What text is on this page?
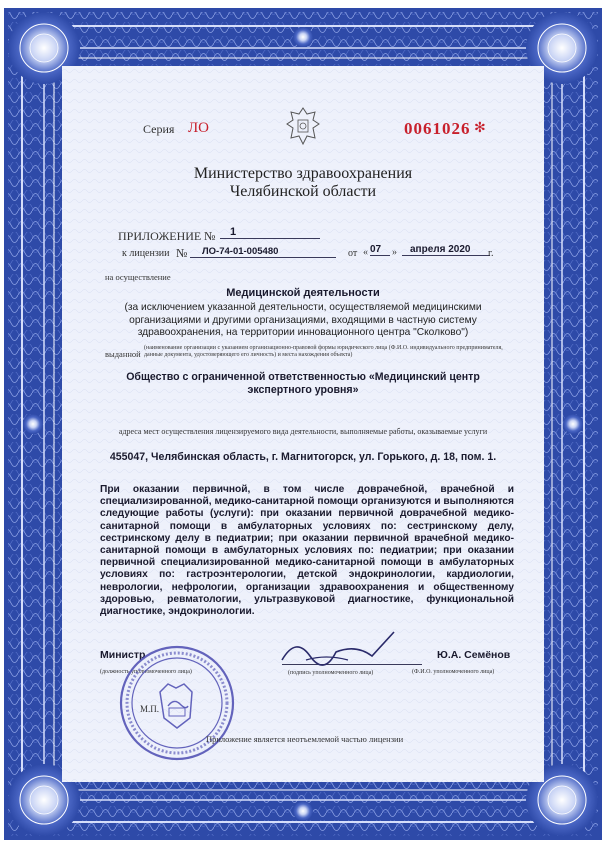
Серия ЛО	0061026 ✻
Министерство здравоохранения
Челябинской области
ПРИЛОЖЕНИЕ №	1
к лицензии №	ЛО-74-01-005480	от « 07	»	апреля 2020	г.
на осуществление
Медицинской деятельности
(за исключением указанной деятельности, осуществляемой медицинскими организациями и другими организациями, входящими в частную систему здравоохранения, на территории инновационного центра "Сколково")
выданной
(наименование организации с указанием организационно-правовой формы юридического лица (Ф.И.О. индивидуального предпринимателя, данные документа, удостоверяющего его личность) и места нахождения объекта)
Общество с ограниченной ответственностью «Медицинский центр экспертного уровня»
адреса мест осуществления лицензируемого вида деятельности, выполняемые работы, оказываемые услуги
455047, Челябинская область, г. Магнитогорск, ул. Горького, д. 18, пом. 1.
При оказании первичной, в том числе доврачебной, врачебной и специализированной, медико-санитарной помощи организуются и выполняются следующие работы (услуги): при оказании первичной доврачебной медико-санитарной помощи в амбулаторных условиях по: сестринскому делу, сестринскому делу в педиатрии; при оказании первичной врачебной медико-санитарной помощи в амбулаторных условиях по: педиатрии; при оказании первичной специализированной медико-санитарной помощи в амбулаторных условиях по: гастроэнтерологии, детской эндокринологии, кардиологии, неврологии, нефрологии, организации здравоохранения и общественному здоровью, ревматологии, ультразвуковой диагностике, функциональной диагностике, эндокринологии.
Министр
(должность уполномоченного лица)	(подпись уполномоченного лица)
Ю.А. Семёнов
(Ф.И.О. уполномоченного лица)
М.П.
Приложение является неотъемлемой частью лицензии
